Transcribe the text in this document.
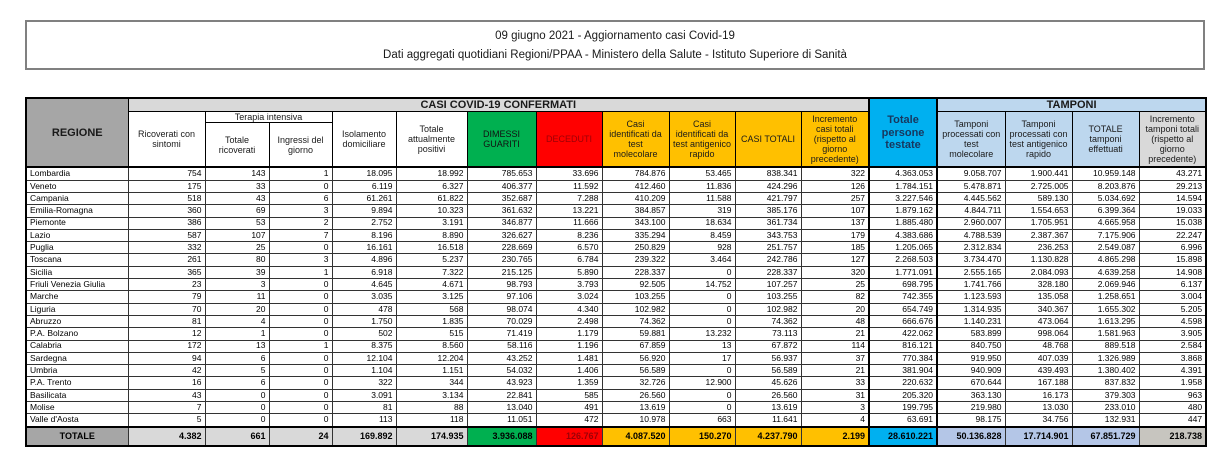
09 giugno 2021 - Aggiornamento casi Covid-19
Dati aggregati quotidiani Regioni/PPAA - Ministero della Salute - Istituto Superiore di Sanità
REGIONE	CASI COVID-19 CONFERMATI											Totale persone testate	TAMPONI			
	Ricoverati con sintomi	Terapia intensiva		Isolamento domiciliare	Totale attualmente positivi	DIMESSI GUARITI	DECEDUTI	Casi identificati da test molecolare	Casi identificati da test antigenico rapido	CASI TOTALI	Incremento casi totali (rispetto al giorno precedente)		Tamponi processati con test molecolare	Tamponi processati con test antigenico rapido	TOTALE tamponi effettuati	Incremento tamponi totali (rispetto al giorno precedente)
		Totale ricoverati	Ingressi del giorno													
Lombardia	754	143	1	18.095	18.992	785.653	33.696	784.876	53.465	838.341	322	4.363.053	9.058.707	1.900.441	10.959.148	43.271
Veneto	175	33	0	6.119	6.327	406.377	11.592	412.460	11.836	424.296	126	1.784.151	5.478.871	2.725.005	8.203.876	29.213
Campania	518	43	6	61.261	61.822	352.687	7.288	410.209	11.588	421.797	257	3.227.546	4.445.562	589.130	5.034.692	14.594
Emilia-Romagna	360	69	3	9.894	10.323	361.632	13.221	384.857	319	385.176	107	1.879.162	4.844.711	1.554.653	6.399.364	19.033
Piemonte	386	53	2	2.752	3.191	346.877	11.666	343.100	18.634	361.734	137	1.885.480	2.960.007	1.705.951	4.665.958	15.038
Lazio	587	107	7	8.196	8.890	326.627	8.236	335.294	8.459	343.753	179	4.383.686	4.788.539	2.387.367	7.175.906	22.247
Puglia	332	25	0	16.161	16.518	228.669	6.570	250.829	928	251.757	185	1.205.065	2.312.834	236.253	2.549.087	6.996
Toscana	261	80	3	4.896	5.237	230.765	6.784	239.322	3.464	242.786	127	2.268.503	3.734.470	1.130.828	4.865.298	15.898
Sicilia	365	39	1	6.918	7.322	215.125	5.890	228.337	0	228.337	320	1.771.091	2.555.165	2.084.093	4.639.258	14.908
Friuli Venezia Giulia	23	3	0	4.645	4.671	98.793	3.793	92.505	14.752	107.257	25	698.795	1.741.766	328.180	2.069.946	6.137
Marche	79	11	0	3.035	3.125	97.106	3.024	103.255	0	103.255	82	742.355	1.123.593	135.058	1.258.651	3.004
Liguria	70	20	0	478	568	98.074	4.340	102.982	0	102.982	20	654.749	1.314.935	340.367	1.655.302	5.205
Abruzzo	81	4	0	1.750	1.835	70.029	2.498	74.362	0	74.362	48	666.676	1.140.231	473.064	1.613.295	4.598
P.A. Bolzano	12	1	0	502	515	71.419	1.179	59.881	13.232	73.113	21	422.062	583.899	998.064	1.581.963	3.905
Calabria	172	13	1	8.375	8.560	58.116	1.196	67.859	13	67.872	114	816.121	840.750	48.768	889.518	2.584
Sardegna	94	6	0	12.104	12.204	43.252	1.481	56.920	17	56.937	37	770.384	919.950	407.039	1.326.989	3.868
Umbria	42	5	0	1.104	1.151	54.032	1.406	56.589	0	56.589	21	381.904	940.909	439.493	1.380.402	4.391
P.A. Trento	16	6	0	322	344	43.923	1.359	32.726	12.900	45.626	33	220.632	670.644	167.188	837.832	1.958
Basilicata	43	0	0	3.091	3.134	22.841	585	26.560	0	26.560	31	205.320	363.130	16.173	379.303	963
Molise	7	0	0	81	88	13.040	491	13.619	0	13.619	3	199.795	219.980	13.030	233.010	480
Valle d'Aosta	5	0	0	113	118	11.051	472	10.978	663	11.641	4	63.691	98.175	34.756	132.931	447
TOTALE	4.382	661	24	169.892	174.935	3.936.088	126.767	4.087.520	150.270	4.237.790	2.199	28.610.221	50.136.828	17.714.901	67.851.729	218.738
